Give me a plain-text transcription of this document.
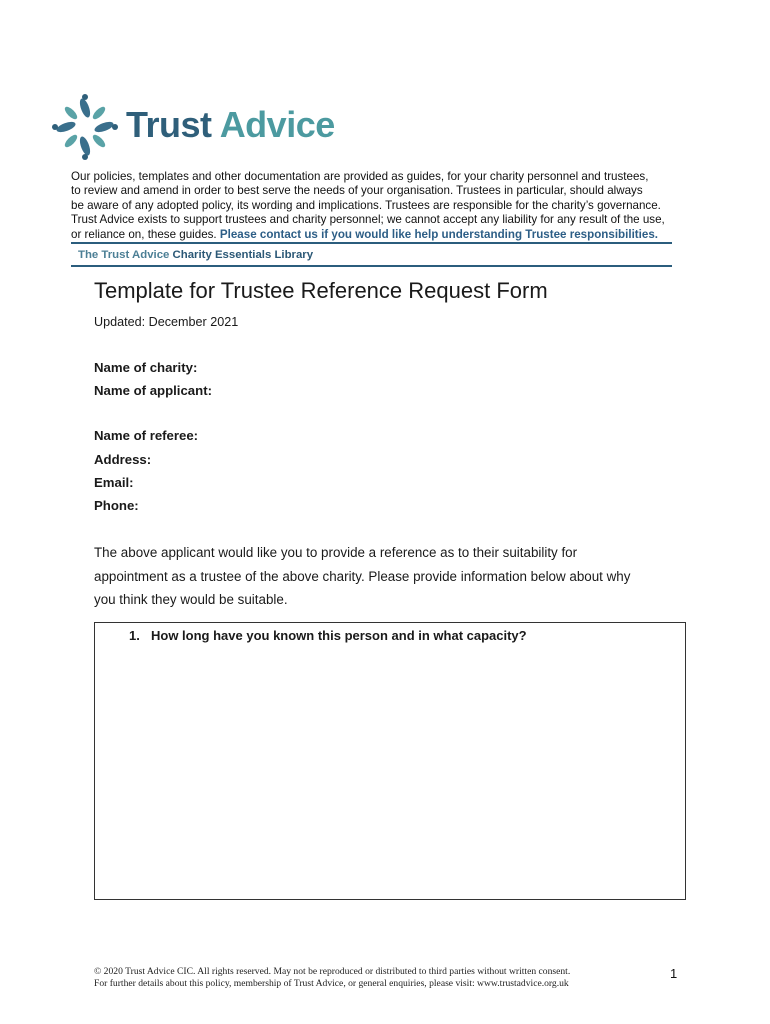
Trust Advice
Our policies, templates and other documentation are provided as guides, for your charity personnel and trustees,
to review and amend in order to best serve the needs of your organisation. Trustees in particular, should always
be aware of any adopted policy, its wording and implications. Trustees are responsible for the charity’s governance.
Trust Advice exists to support trustees and charity personnel; we cannot accept any liability for any result of the use,
or reliance on, these guides. Please contact us if you would like help understanding Trustee responsibilities.
The Trust Advice Charity Essentials Library
Template for Trustee Reference Request Form
Updated: December 2021
Name of charity:
Name of applicant:
Name of referee:
Address:
Email:
Phone:
The above applicant would like you to provide a reference as to their suitability for
appointment as a trustee of the above charity. Please provide information below about why
you think they would be suitable.
1. How long have you known this person and in what capacity?
© 2020 Trust Advice CIC. All rights reserved. May not be reproduced or distributed to third parties without written consent.
For further details about this policy, membership of Trust Advice, or general enquiries, please visit: www.trustadvice.org.uk
1
